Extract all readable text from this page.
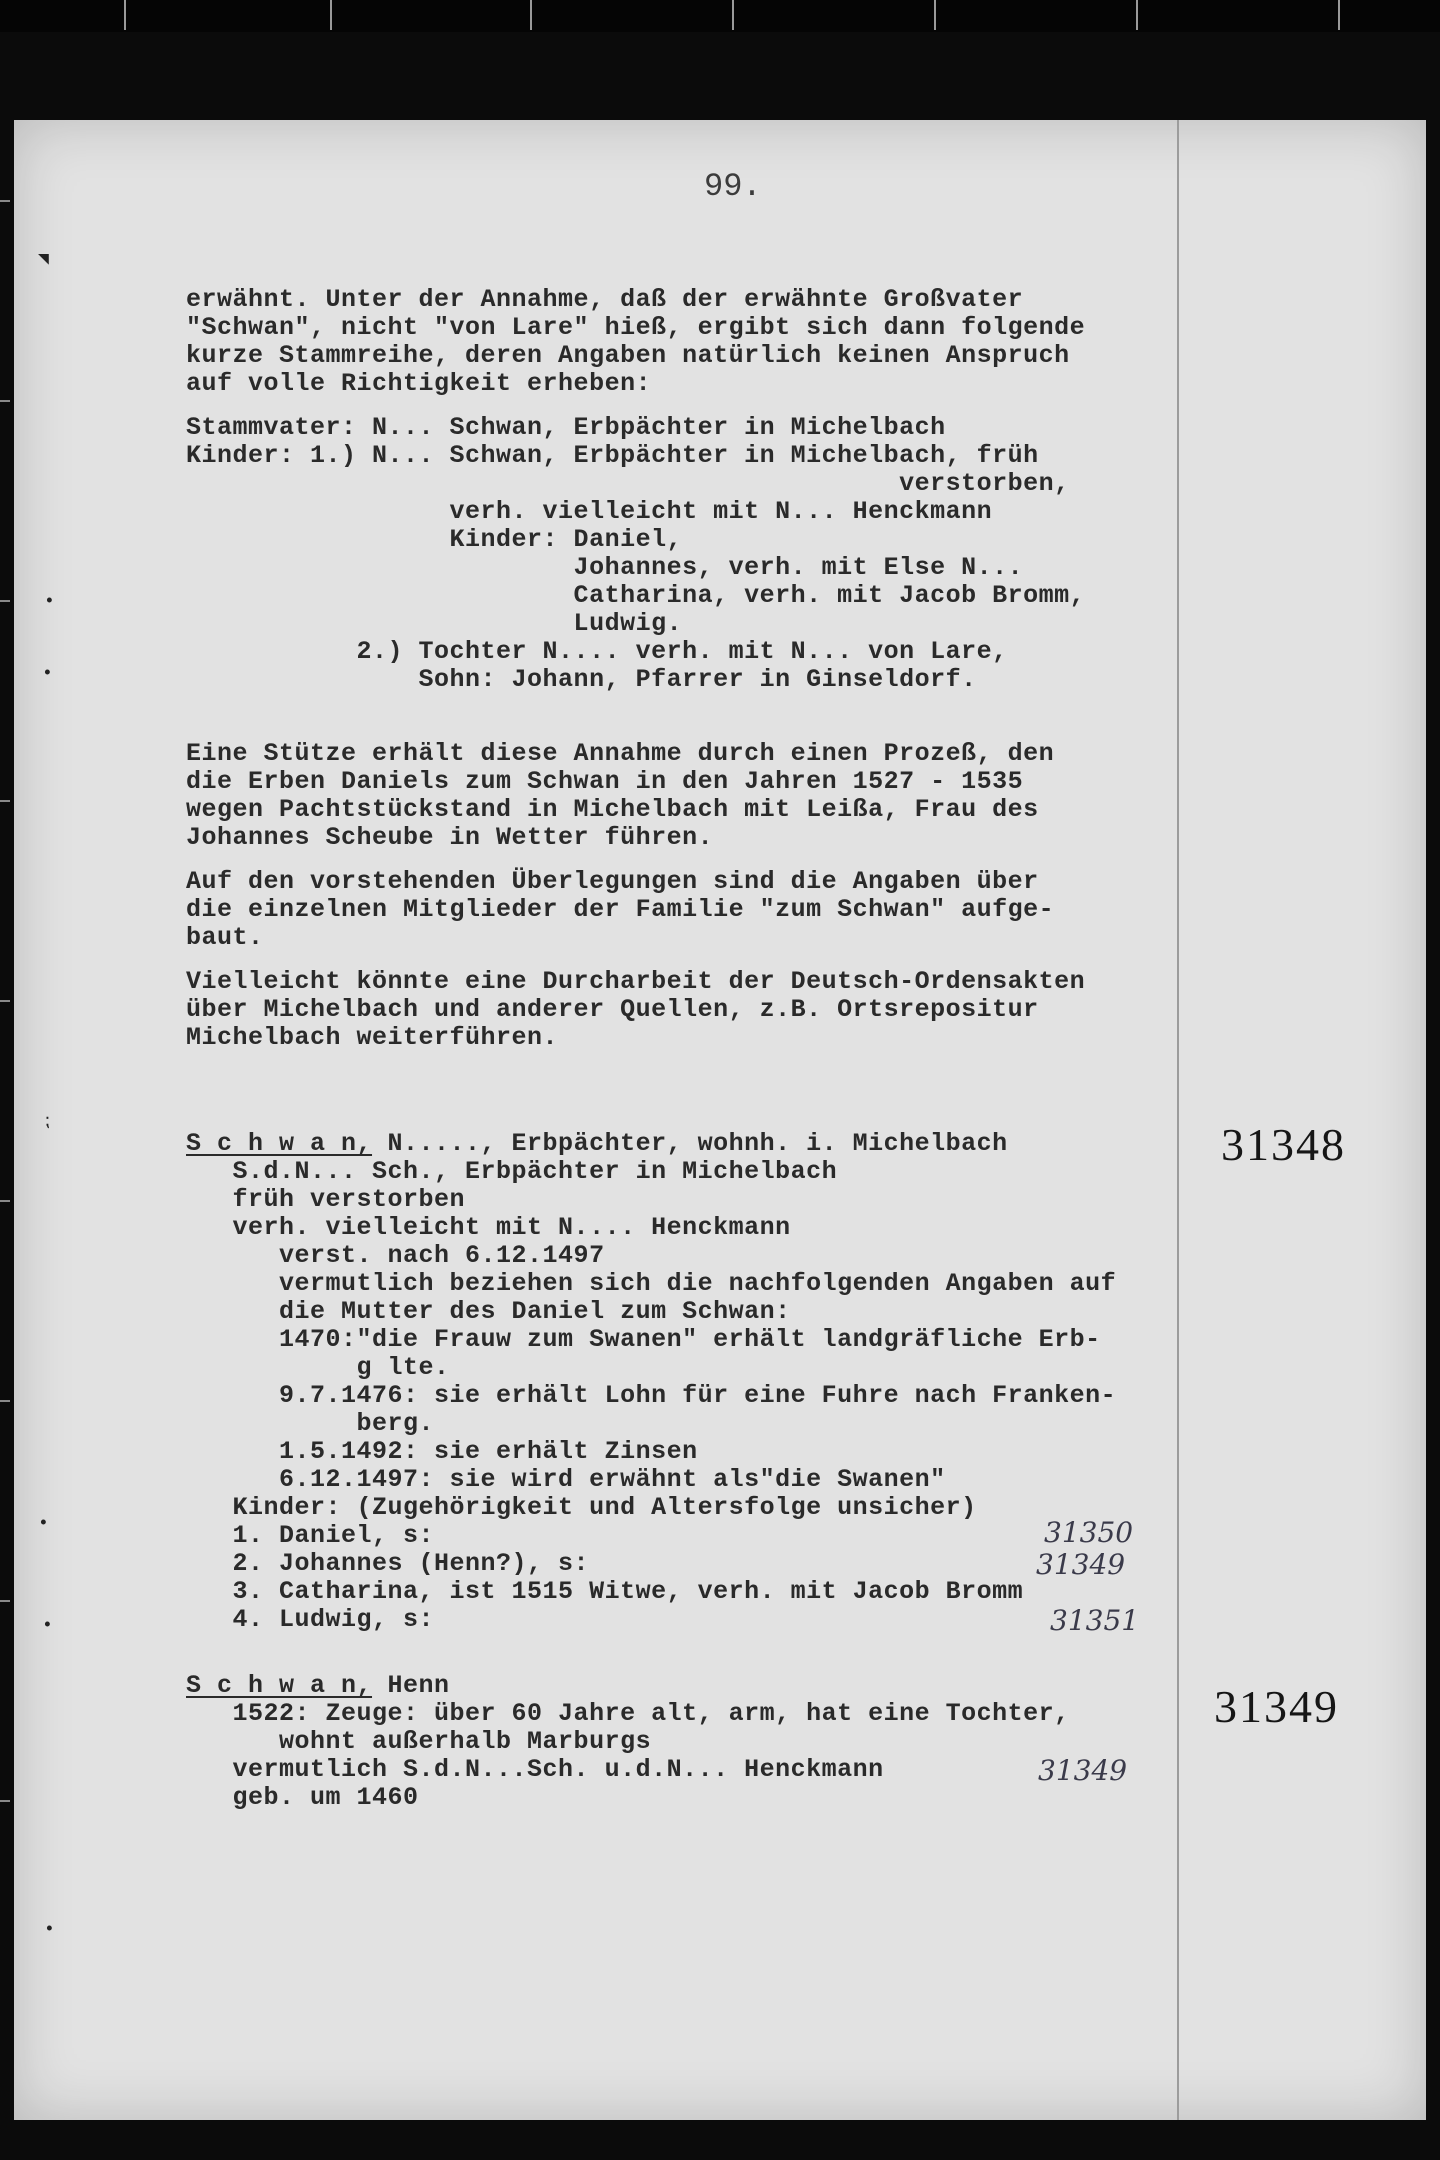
◥
•
•
⁏
•
•
•
99.
erwähnt. Unter der Annahme, daß der erwähnte Großvater
"Schwan", nicht "von Lare" hieß, ergibt sich dann folgende
kurze Stammreihe, deren Angaben natürlich keinen Anspruch
auf volle Richtigkeit erheben:
Stammvater: N... Schwan, Erbpächter in Michelbach
Kinder: 1.) N... Schwan, Erbpächter in Michelbach, früh
verstorben,
verh. vielleicht mit N... Henckmann
Kinder: Daniel,
Johannes, verh. mit Else N...
Catharina, verh. mit Jacob Bromm,
Ludwig.
2.) Tochter N.... verh. mit N... von Lare,
Sohn: Johann, Pfarrer in Ginseldorf.
Eine Stütze erhält diese Annahme durch einen Prozeß, den
die Erben Daniels zum Schwan in den Jahren 1527 - 1535
wegen Pachtstückstand in Michelbach mit Leißa, Frau des
Johannes Scheube in Wetter führen.
Auf den vorstehenden Überlegungen sind die Angaben über
die einzelnen Mitglieder der Familie "zum Schwan" aufge-
baut.
Vielleicht könnte eine Durcharbeit der Deutsch-Ordensakten
über Michelbach und anderer Quellen, z.B. Ortsrepositur
Michelbach weiterführen.
S c h w a n, N....., Erbpächter, wohnh. i. Michelbach
S.d.N... Sch., Erbpächter in Michelbach
früh verstorben
verh. vielleicht mit N.... Henckmann
verst. nach 6.12.1497
vermutlich beziehen sich die nachfolgenden Angaben auf
die Mutter des Daniel zum Schwan:
1470:"die Frauw zum Swanen" erhält landgräfliche Erb-
g lte.
9.7.1476: sie erhält Lohn für eine Fuhre nach Franken-
berg.
1.5.1492: sie erhält Zinsen
6.12.1497: sie wird erwähnt als"die Swanen"
Kinder: (Zugehörigkeit und Altersfolge unsicher)
1. Daniel, s:
2. Johannes (Henn?), s:
3. Catharina, ist 1515 Witwe, verh. mit Jacob Bromm
4. Ludwig, s:
31348
31350
31349
31351
S c h w a n, Henn
1522: Zeuge: über 60 Jahre alt, arm, hat eine Tochter,
wohnt außerhalb Marburgs
vermutlich S.d.N...Sch. u.d.N... Henckmann
geb. um 1460
31349
31349
